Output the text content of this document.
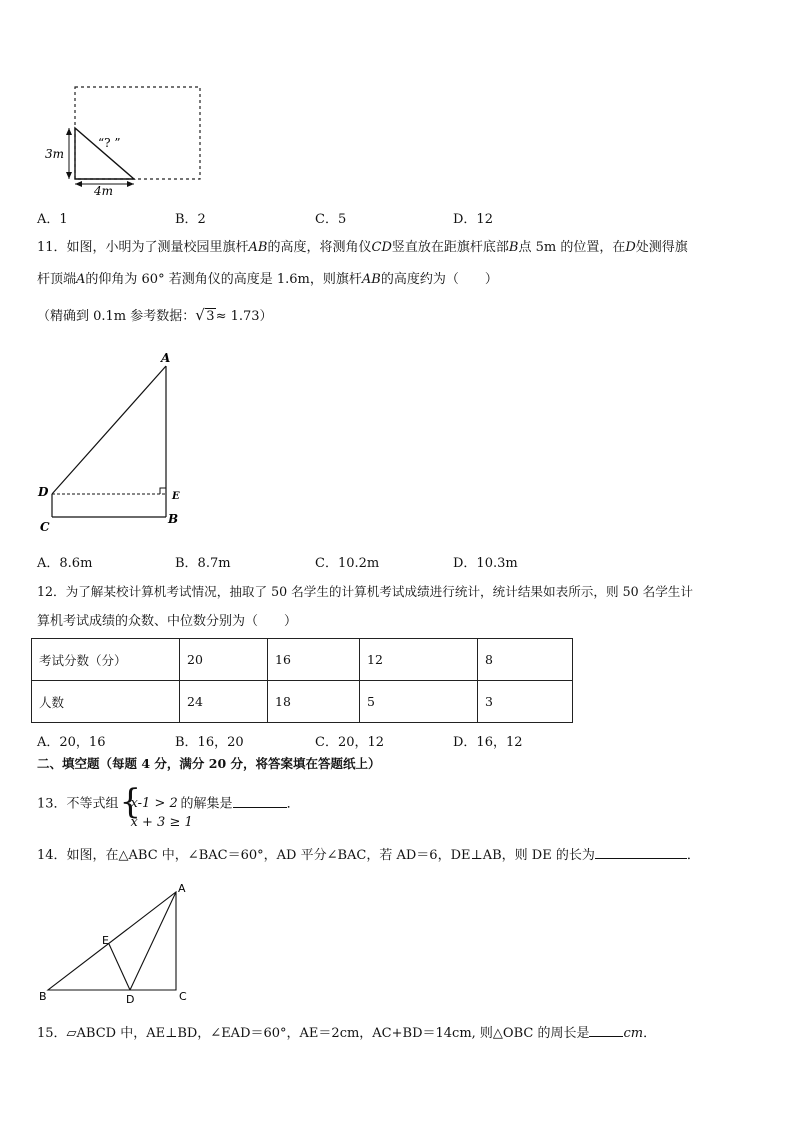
3m
4m
“? ”
A．1	B．2	C．5	D．12
11．如图，小明为了测量校园里旗杆AB的高度，将测角仪CD竖直放在距旗杆底部B点 5m 的位置，在D处测得旗
杆顶端A的仰角为 60° 若测角仪的高度是 1.6m，则旗杆AB的高度约为（　　）
（精确到 0.1m 参考数据： √ 3≈ 1.73）
A
D	E
C
B
A．8.6m	B．8.7m	C．10.2m	D．10.3m
12．为了解某校计算机考试情况，抽取了 50 名学生的计算机考试成绩进行统计，统计结果如表所示，则 50 名学生计
算机考试成绩的众数、中位数分别为（　　）
考试分数（分）	20	16	12	8
人数	24	18	5	3
A．20，16	B．16，20	C．20，12	D．16，12
二、填空题（每题 4 分，满分 20 分，将答案填在答题纸上）
13．不等式组 {
x-1 > 2
x + 3 ≥ 1
的解集是	．
14．如图，在△ABC 中，∠BAC＝60°，AD 平分∠BAC，若 AD＝6，DE⊥AB，则 DE 的长为	．
A
E
B	D	C
15．▱ABCD 中，AE⊥BD，∠EAD＝60°，AE＝2cm，AC+BD＝14cm, 则△OBC 的周长是	cm．
